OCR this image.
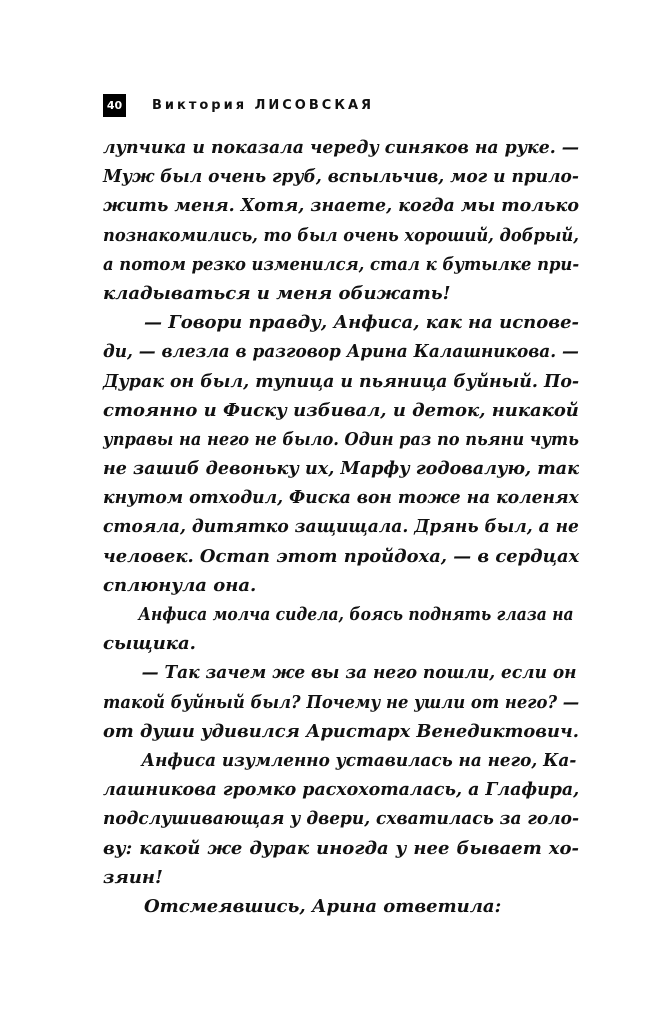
40 Виктория ЛИСОВСКАЯ
лупчика и показала череду синяков на руке. —
Муж был очень груб, вспыльчив, мог и прило-
жить меня. Хотя, знаете, когда мы только
познакомились, то был очень хороший, добрый,
а потом резко изменился, стал к бутылке при-
кладываться и меня обижать!
— Говори правду, Анфиса, как на испове-
ди, — влезла в разговор Арина Калашникова. —
Дурак он был, тупица и пьяница буйный. По-
стоянно и Фиску избивал, и деток, никакой
управы на него не было. Один раз по пьяни чуть
не зашиб девоньку их, Марфу годовалую, так
кнутом отходил, Фиска вон тоже на коленях
стояла, дитятко защищала. Дрянь был, а не
человек. Остап этот пройдоха, — в сердцах
сплюнула она.
Анфиса молча сидела, боясь поднять глаза на
сыщика.
— Так зачем же вы за него пошли, если он
такой буйный был? Почему не ушли от него? —
от души удивился Аристарх Венедиктович.
Анфиса изумленно уставилась на него, Ка-
лашникова громко расхохоталась, а Глафира,
подслушивающая у двери, схватилась за голо-
ву: какой же дурак иногда у нее бывает хо-
зяин!
Отсмеявшись, Арина ответила:
